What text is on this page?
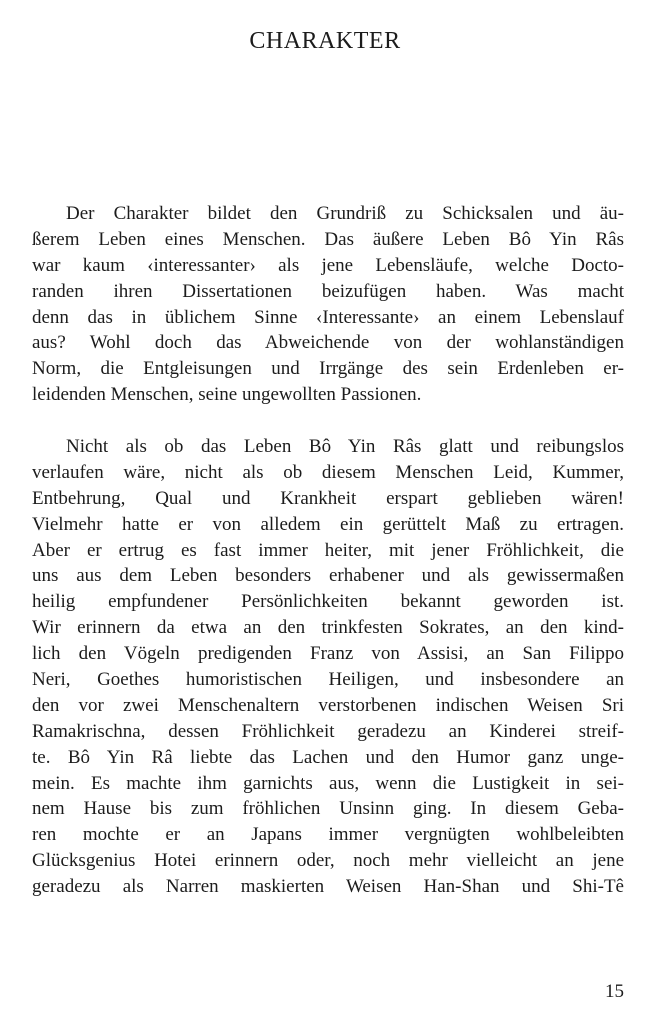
CHARAKTER
Der Charakter bildet den Grundriß zu Schicksalen und äu-
ßerem Leben eines Menschen. Das äußere Leben Bô Yin Râs
war kaum ‹interessanter› als jene Lebensläufe, welche Docto-
randen ihren Dissertationen beizufügen haben. Was macht
denn das in üblichem Sinne ‹Interessante› an einem Lebenslauf
aus? Wohl doch das Abweichende von der wohlanständigen
Norm, die Entgleisungen und Irrgänge des sein Erdenleben er-
leidenden Menschen, seine ungewollten Passionen.
Nicht als ob das Leben Bô Yin Râs glatt und reibungslos
verlaufen wäre, nicht als ob diesem Menschen Leid, Kummer,
Entbehrung, Qual und Krankheit erspart geblieben wären!
Vielmehr hatte er von alledem ein gerüttelt Maß zu ertragen.
Aber er ertrug es fast immer heiter, mit jener Fröhlichkeit, die
uns aus dem Leben besonders erhabener und als gewissermaßen
heilig empfundener Persönlichkeiten bekannt geworden ist.
Wir erinnern da etwa an den trinkfesten Sokrates, an den kind-
lich den Vögeln predigenden Franz von Assisi, an San Filippo
Neri, Goethes humoristischen Heiligen, und insbesondere an
den vor zwei Menschenaltern verstorbenen indischen Weisen Sri
Ramakrischna, dessen Fröhlichkeit geradezu an Kinderei streif-
te. Bô Yin Râ liebte das Lachen und den Humor ganz unge-
mein. Es machte ihm garnichts aus, wenn die Lustigkeit in sei-
nem Hause bis zum fröhlichen Unsinn ging. In diesem Geba-
ren mochte er an Japans immer vergnügten wohlbeleibten
Glücksgenius Hotei erinnern oder, noch mehr vielleicht an jene
geradezu als Narren maskierten Weisen Han-Shan und Shi-Tê
15
